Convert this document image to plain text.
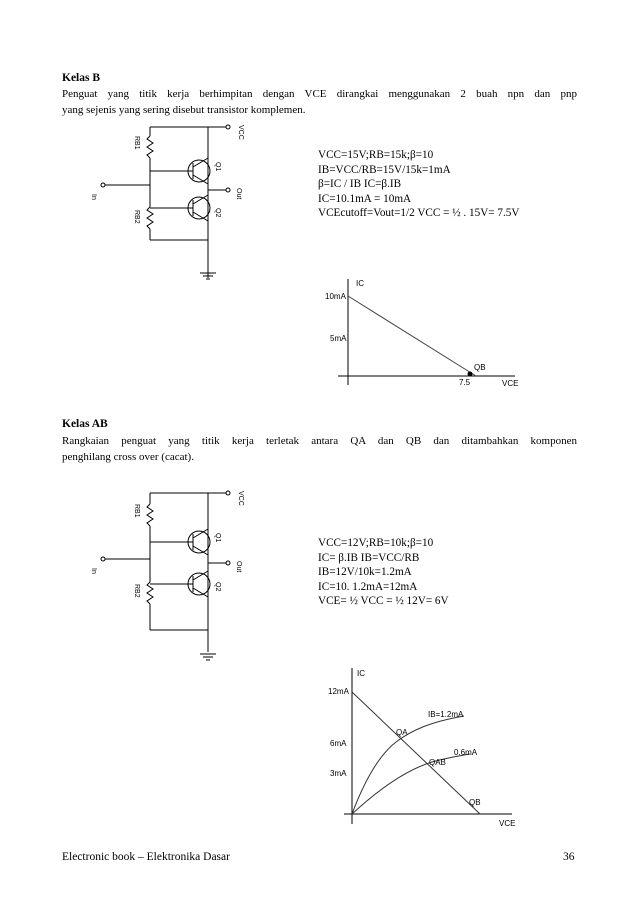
Kelas B
Penguat yang titik kerja berhimpitan dengan VCE dirangkai menggunakan 2 buah npn dan pnp
yang sejenis yang sering disebut transistor komplemen.
VCC
RB1
RB2
Q1
Q2
In	Out
VCC=15V;RB=15k;β=10
IB=VCC/RB=15V/15k=1mA
β=IC / IB IC=β.IB
IC=10.1mA = 10mA
VCEcutoff=Vout=1/2 VCC = ½ . 15V= 7.5V
IC
10mA
5mA
7.5
QB
VCE
Kelas AB
Rangkaian penguat yang titik kerja terletak antara QA dan QB dan ditambahkan komponen
penghilang cross over (cacat).
VCC
RB1
RB2
Q1
Q2
In	Out
VCC=12V;RB=10k;β=10
IC= β.IB IB=VCC/RB
IB=12V/10k=1.2mA
IC=10. 1.2mA=12mA
VCE= ½ VCC = ½ 12V= 6V
IC
12mA
6mA
3mA
IB=1.2mA
0.6mA
QA
QAB
QB
VCE
Electronic book – Elektronika Dasar	36
